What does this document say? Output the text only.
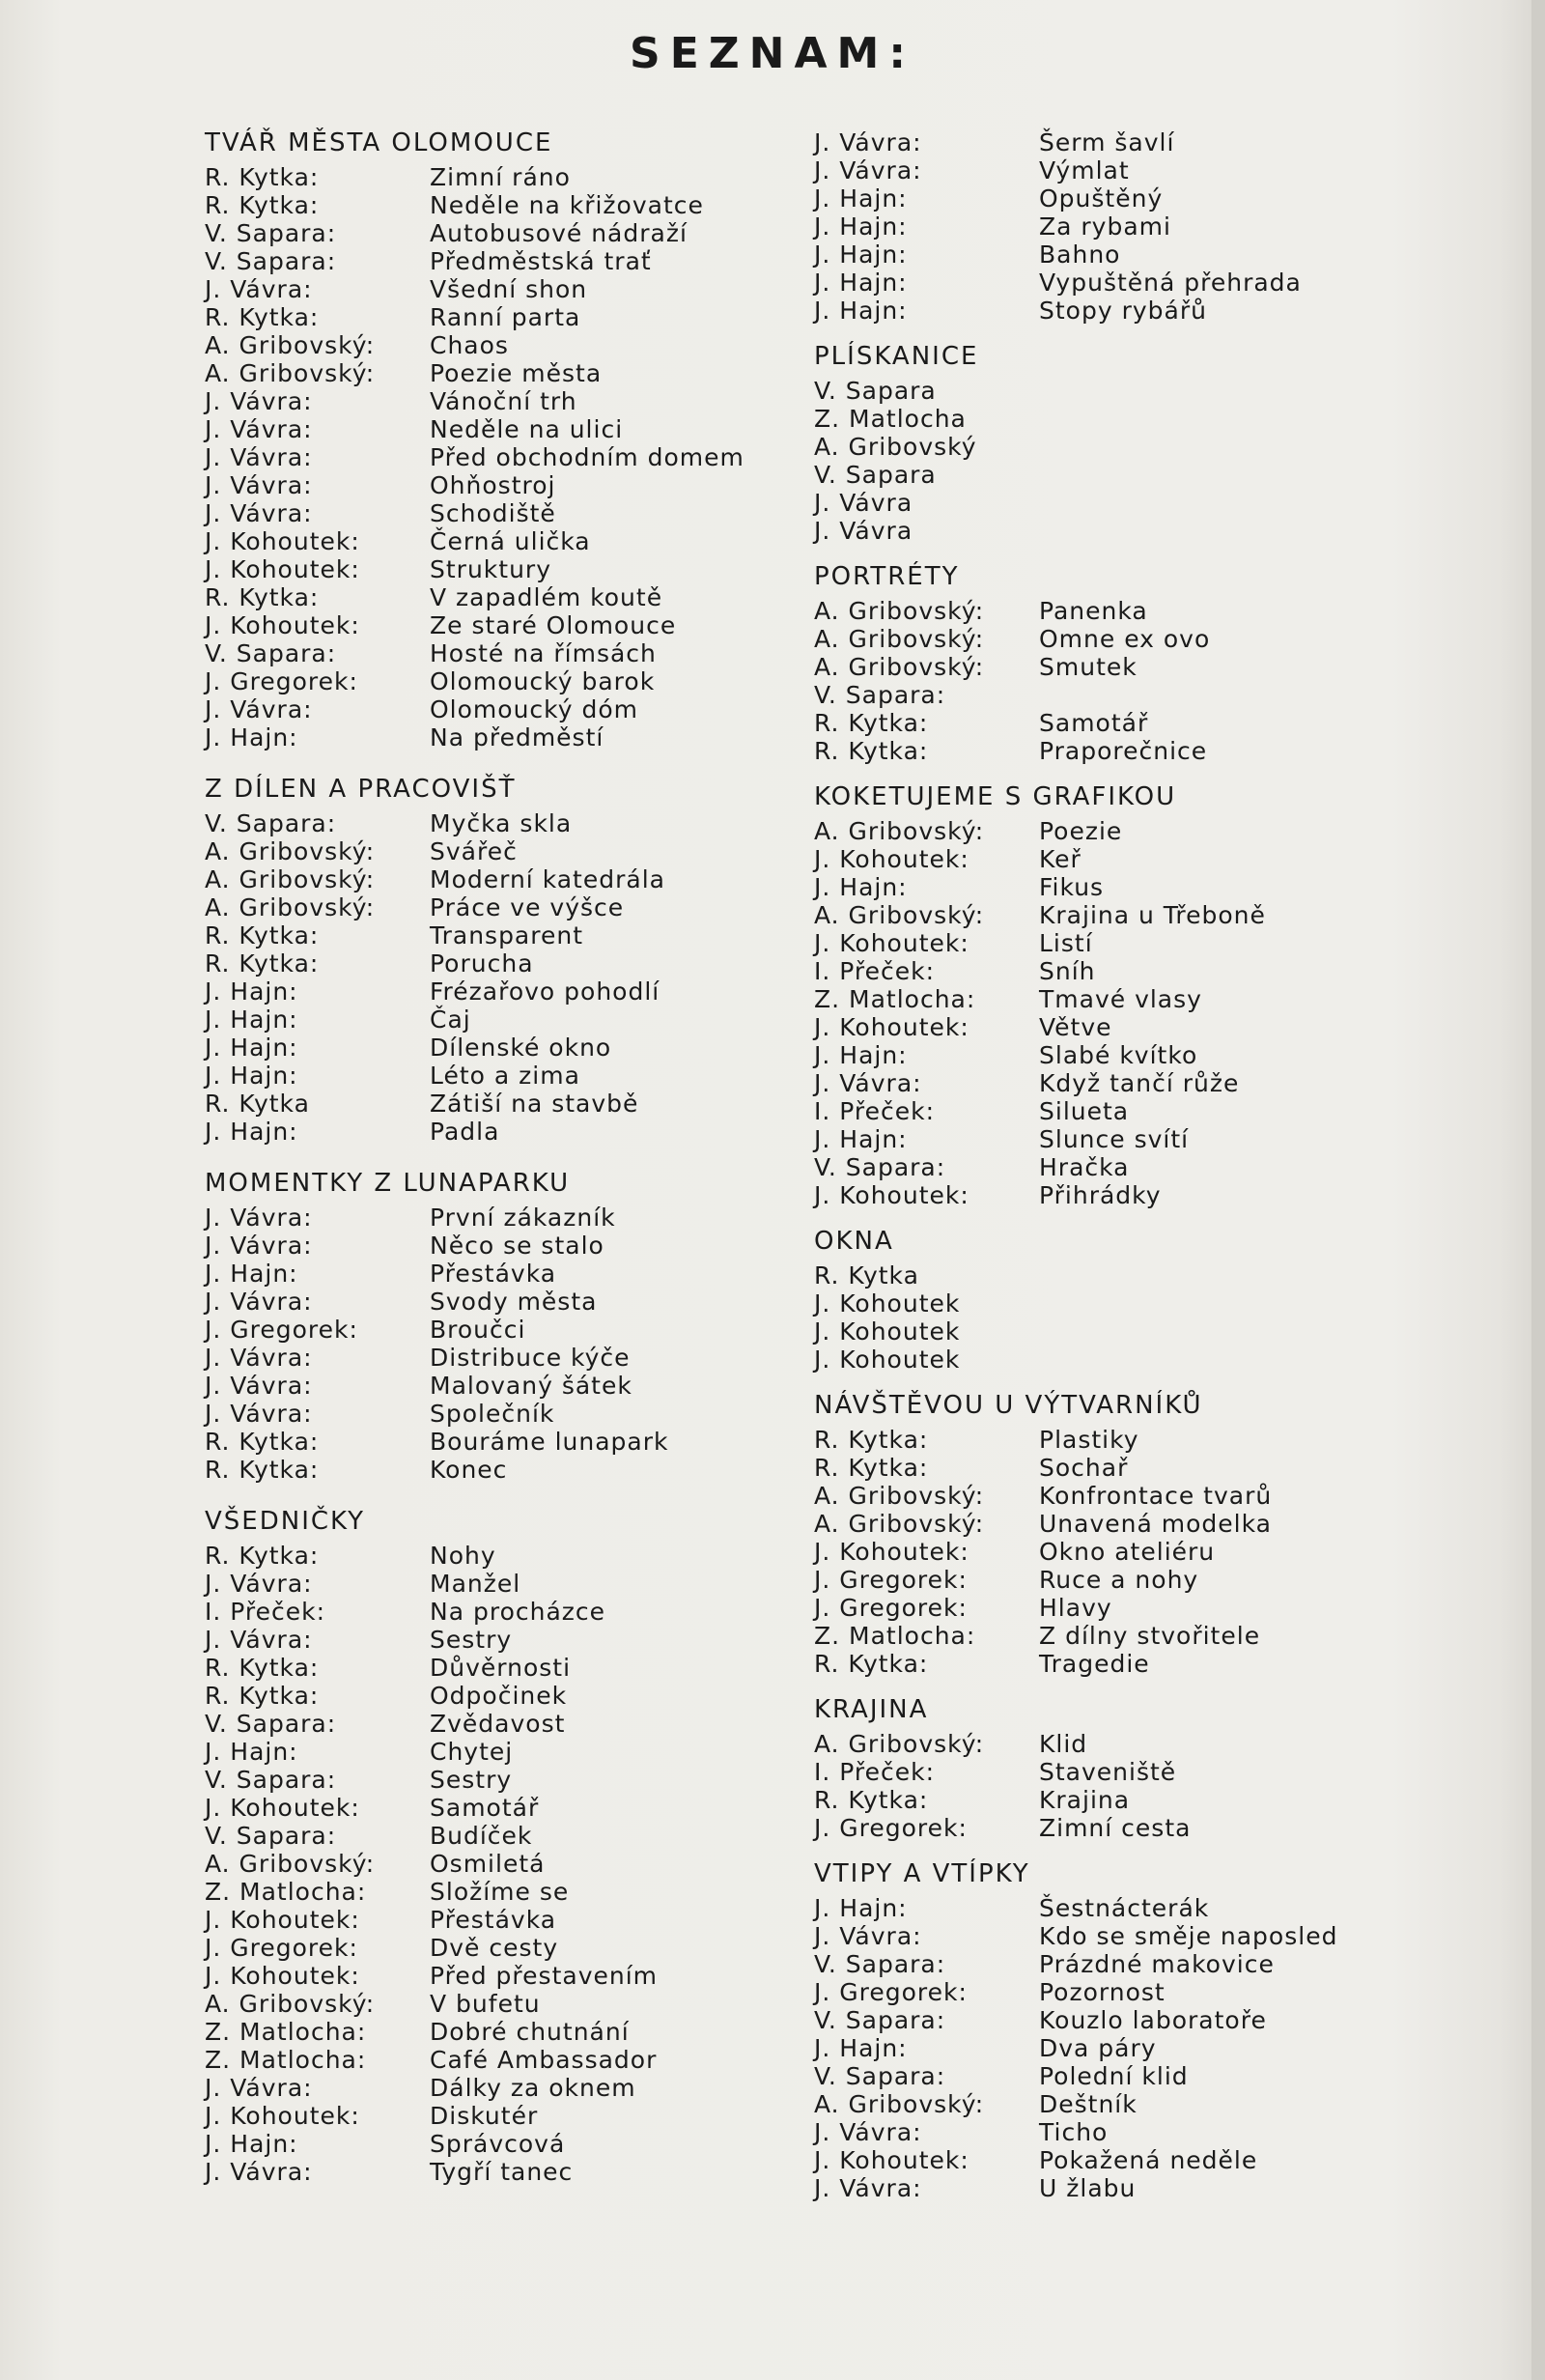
SEZNAM:
TVÁŘ MĚSTA OLOMOUCE
R. Kytka:	Zimní ráno
R. Kytka:	Neděle na křižovatce
V. Sapara:	Autobusové nádraží
V. Sapara:	Předměstská trať
J. Vávra:	Všední shon
R. Kytka:	Ranní parta
A. Gribovský:	Chaos
A. Gribovský:	Poezie města
J. Vávra:	Vánoční trh
J. Vávra:	Neděle na ulici
J. Vávra:	Před obchodním domem
J. Vávra:	Ohňostroj
J. Vávra:	Schodiště
J. Kohoutek:	Černá ulička
J. Kohoutek:	Struktury
R. Kytka:	V zapadlém koutě
J. Kohoutek:	Ze staré Olomouce
V. Sapara:	Hosté na římsách
J. Gregorek:	Olomoucký barok
J. Vávra:	Olomoucký dóm
J. Hajn:	Na předměstí
Z DÍLEN A PRACOVIŠŤ
V. Sapara:	Myčka skla
A. Gribovský:	Svářeč
A. Gribovský:	Moderní katedrála
A. Gribovský:	Práce ve výšce
R. Kytka:	Transparent
R. Kytka:	Porucha
J. Hajn:	Frézařovo pohodlí
J. Hajn:	Čaj
J. Hajn:	Dílenské okno
J. Hajn:	Léto a zima
R. Kytka	Zátiší na stavbě
J. Hajn:	Padla
MOMENTKY Z LUNAPARKU
J. Vávra:	První zákazník
J. Vávra:	Něco se stalo
J. Hajn:	Přestávka
J. Vávra:	Svody města
J. Gregorek:	Broučci
J. Vávra:	Distribuce kýče
J. Vávra:	Malovaný šátek
J. Vávra:	Společník
R. Kytka:	Bouráme lunapark
R. Kytka:	Konec
VŠEDNIČKY
R. Kytka:	Nohy
J. Vávra:	Manžel
I. Přeček:	Na procházce
J. Vávra:	Sestry
R. Kytka:	Důvěrnosti
R. Kytka:	Odpočinek
V. Sapara:	Zvědavost
J. Hajn:	Chytej
V. Sapara:	Sestry
J. Kohoutek:	Samotář
V. Sapara:	Budíček
A. Gribovský:	Osmiletá
Z. Matlocha:	Složíme se
J. Kohoutek:	Přestávka
J. Gregorek:	Dvě cesty
J. Kohoutek:	Před přestavením
A. Gribovský:	V bufetu
Z. Matlocha:	Dobré chutnání
Z. Matlocha:	Café Ambassador
J. Vávra:	Dálky za oknem
J. Kohoutek:	Diskutér
J. Hajn:	Správcová
J. Vávra:	Tygří tanec
J. Vávra:	Šerm šavlí
J. Vávra:	Výmlat
J. Hajn:	Opuštěný
J. Hajn:	Za rybami
J. Hajn:	Bahno
J. Hajn:	Vypuštěná přehrada
J. Hajn:	Stopy rybářů
PLÍSKANICE
V. Sapara
Z. Matlocha
A. Gribovský
V. Sapara
J. Vávra
J. Vávra
PORTRÉTY
A. Gribovský:	Panenka
A. Gribovský:	Omne ex ovo
A. Gribovský:	Smutek
V. Sapara:
R. Kytka:	Samotář
R. Kytka:	Praporečnice
KOKETUJEME S GRAFIKOU
A. Gribovský:	Poezie
J. Kohoutek:	Keř
J. Hajn:	Fikus
A. Gribovský:	Krajina u Třeboně
J. Kohoutek:	Listí
I. Přeček:	Sníh
Z. Matlocha:	Tmavé vlasy
J. Kohoutek:	Větve
J. Hajn:	Slabé kvítko
J. Vávra:	Když tančí růže
I. Přeček:	Silueta
J. Hajn:	Slunce svítí
V. Sapara:	Hračka
J. Kohoutek:	Přihrádky
OKNA
R. Kytka
J. Kohoutek
J. Kohoutek
J. Kohoutek
NÁVŠTĚVOU U VÝTVARNÍKŮ
R. Kytka:	Plastiky
R. Kytka:	Sochař
A. Gribovský:	Konfrontace tvarů
A. Gribovský:	Unavená modelka
J. Kohoutek:	Okno ateliéru
J. Gregorek:	Ruce a nohy
J. Gregorek:	Hlavy
Z. Matlocha:	Z dílny stvořitele
R. Kytka:	Tragedie
KRAJINA
A. Gribovský:	Klid
I. Přeček:	Staveniště
R. Kytka:	Krajina
J. Gregorek:	Zimní cesta
VTIPY A VTÍPKY
J. Hajn:	Šestnácterák
J. Vávra:	Kdo se směje naposled
V. Sapara:	Prázdné makovice
J. Gregorek:	Pozornost
V. Sapara:	Kouzlo laboratoře
J. Hajn:	Dva páry
V. Sapara:	Polední klid
A. Gribovský:	Deštník
J. Vávra:	Ticho
J. Kohoutek:	Pokažená neděle
J. Vávra:	U žlabu
